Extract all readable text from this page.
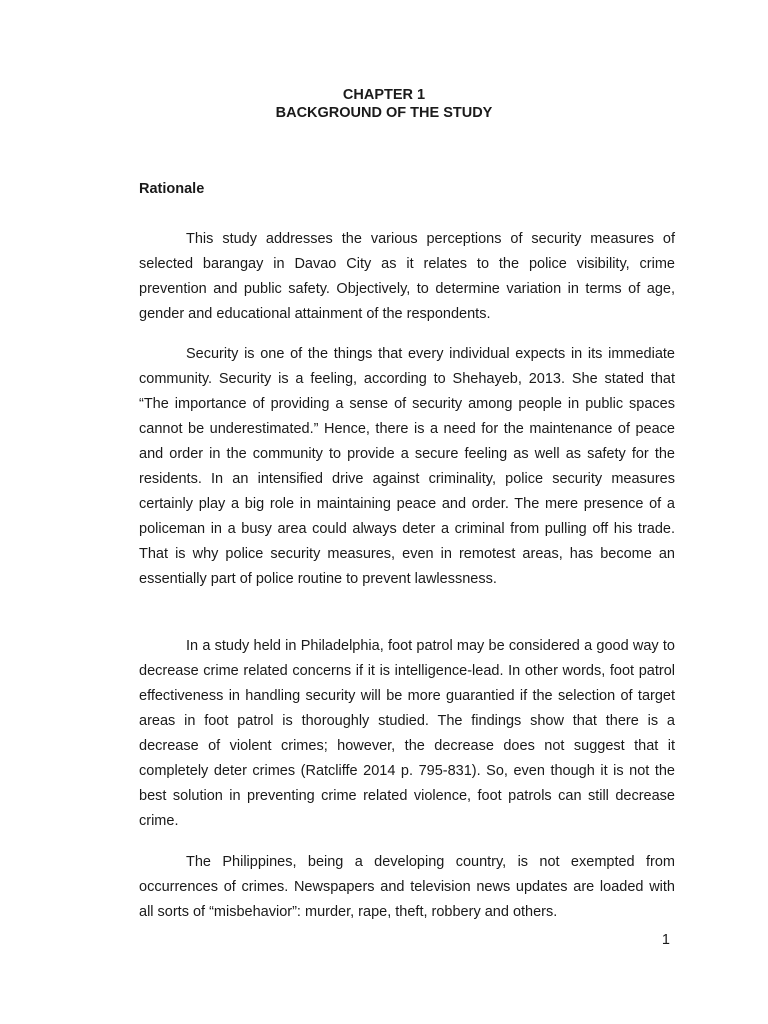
CHAPTER 1
BACKGROUND OF THE STUDY
Rationale

This study addresses the various perceptions of security measures of selected barangay in Davao City as it relates to the police visibility, crime prevention and public safety. Objectively, to determine variation in terms of age, gender and educational attainment of the respondents.

Security is one of the things that every individual expects in its immediate community. Security is a feeling, according to Shehayeb, 2013. She stated that “The importance of providing a sense of security among people in public spaces cannot be underestimated.” Hence, there is a need for the maintenance of peace and order in the community to provide a secure feeling as well as safety for the residents. In an intensified drive against criminality, police security measures certainly play a big role in maintaining peace and order. The mere presence of a policeman in a busy area could always deter a criminal from pulling off his trade. That is why police security measures, even in remotest areas, has become an essentially part of police routine to prevent lawlessness.

In a study held in Philadelphia, foot patrol may be considered a good way to decrease crime related concerns if it is intelligence-lead. In other words, foot patrol effectiveness in handling security will be more guarantied if the selection of target areas in foot patrol is thoroughly studied. The findings show that there is a decrease of violent crimes; however, the decrease does not suggest that it completely deter crimes (Ratcliffe 2014 p. 795-831). So, even though it is not the best solution in preventing crime related violence, foot patrols can still decrease crime.

The Philippines, being a developing country, is not exempted from occurrences of crimes. Newspapers and television news updates are loaded with all sorts of “misbehavior”: murder, rape, theft, robbery and others.

1
